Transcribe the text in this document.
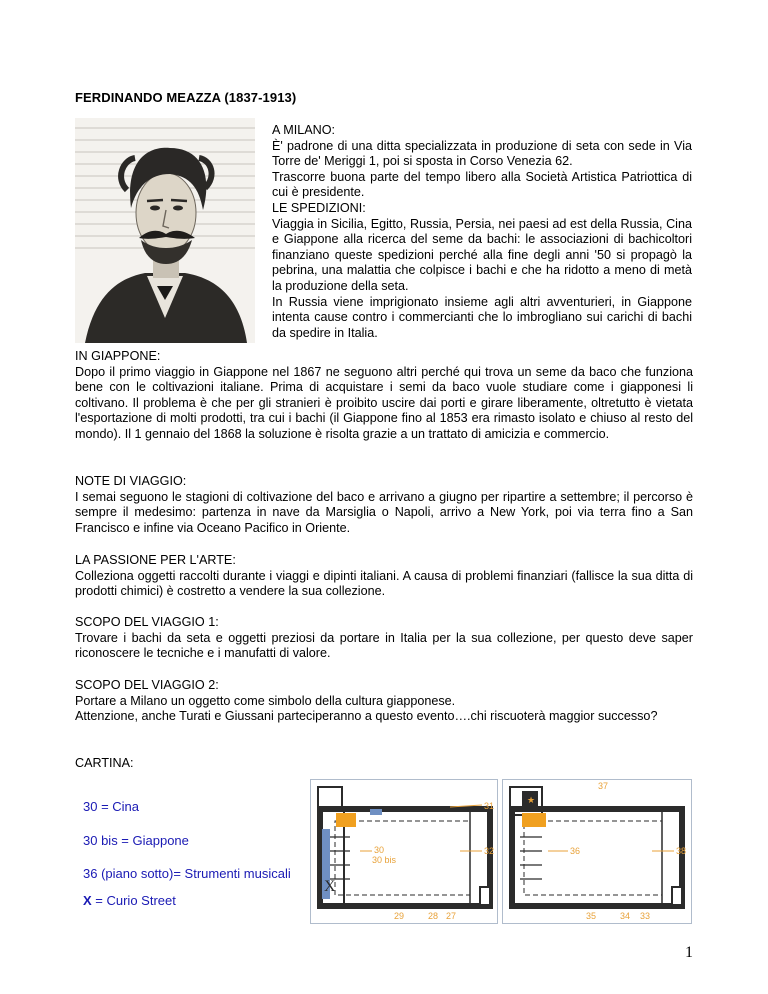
FERDINANDO MEAZZA (1837-1913)

A MILANO:

È' padrone di una ditta specializzata in produzione di seta con sede in Via Torre de' Meriggi 1, poi si sposta in Corso Venezia 62.

Trascorre buona parte del tempo libero alla Società Artistica Patriottica di cui è presidente.

LE SPEDIZIONI:

Viaggia in Sicilia, Egitto, Russia, Persia, nei paesi ad est della Russia, Cina e Giappone alla ricerca del seme da bachi: le associazioni di bachicoltori finanziano queste spedizioni perché alla fine degli anni '50 si propagò la pebrina, una malattia che colpisce i bachi e che ha ridotto a meno di metà la produzione della seta.

In Russia viene imprigionato insieme agli altri avventurieri, in Giappone intenta cause contro i commercianti che lo imbrogliano sui carichi di bachi da spedire in Italia.

IN GIAPPONE:

Dopo il primo viaggio in Giappone nel 1867 ne seguono altri perché qui trova un seme da baco che funziona bene con le coltivazioni italiane. Prima di acquistare i semi da baco vuole studiare come i giapponesi li coltivano. Il problema è che per gli stranieri è proibito uscire dai porti e girare liberamente, oltretutto è vietata l'esportazione di molti prodotti, tra cui i bachi (il Giappone fino al 1853 era rimasto isolato e chiuso al resto del mondo). Il 1 gennaio del 1868 la soluzione è risolta grazie a un trattato di amicizia e commercio.

NOTE DI VIAGGIO:

I semai seguono le stagioni di coltivazione del baco e arrivano a giugno per ripartire a settembre; il percorso è sempre il medesimo: partenza in nave da Marsiglia o Napoli, arrivo a New York, poi via terra fino a San Francisco e infine via Oceano Pacifico in Oriente.

LA PASSIONE PER L'ARTE:

Colleziona oggetti raccolti durante i viaggi e dipinti italiani. A causa di problemi finanziari (fallisce la sua ditta di prodotti chimici) è costretto a vendere la sua collezione.

SCOPO DEL VIAGGIO 1:

Trovare i bachi da seta e oggetti preziosi da portare in Italia per la sua collezione, per questo deve saper riconoscere le tecniche e i manufatti di valore.

SCOPO DEL VIAGGIO 2:

Portare a Milano un oggetto come simbolo della cultura giapponese.

Attenzione, anche Turati e Giussani parteciperanno a questo evento….chi riscuoterà maggior successo?

CARTINA:
30 = Cina
30 bis = Giappone
36 (piano sotto)= Strumenti musicali
X = Curio Street
31
30
30 bis
32
29	28 27
X
★
37
36	38
35	34 33
1
